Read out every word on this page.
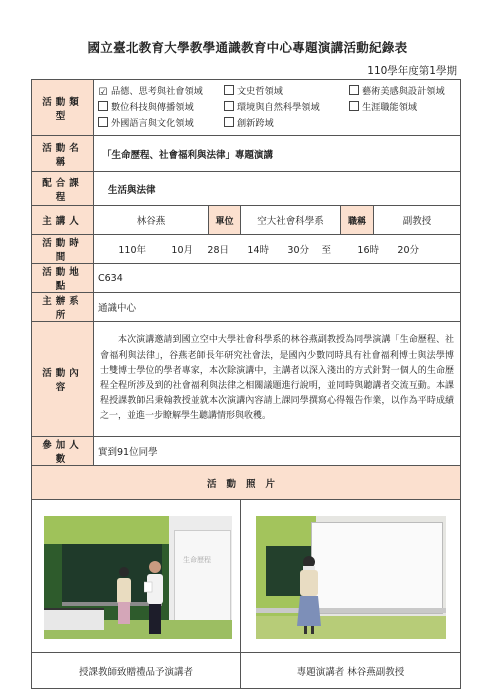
國立臺北教育大學教學通識教育中心專題演講活動紀錄表
110學年度第1學期
活動類型	☑ 品德、思考與社會領域 文史哲領域 藝術美感與設計領域
數位科技與傳播領域 環境與自然科學領域 生涯職能領域
外國語言與文化領域 創新跨域				

活動名稱	「生命歷程、社會福利與法律」專題演講				
配合課程	生活與法律				
主講人	林谷燕	單位	空大社會科學系	職稱	副教授
活動時間	110年 10月 28日 14時 30分 至 16時 20分				
活動地點	C634				
主辦系所	通識中心				
活動內容	本次演講邀請到國立空中大學社會科學系的林谷燕副教授為同學演講「生命歷程、社會福利與法律」，谷燕老師長年研究社會法，是國內少數同時具有社會福利博士與法學博士雙博士學位的學者專家，本次除演講中，主講者以深入淺出的方式針對一個人的生命歷程全程所涉及到的社會福利與法律之相關議題進行說明，並同時與聽講者交流互動。本課程授課教師呂秉翰教授並就本次演講內容請上課同學撰寫心得報告作業，以作為平時成績之一，並進一步瞭解學生聽講情形與收穫。				
參加人數	實到91位同學				
活動照片					

生命歷程

授課教師致贈禮品予演講者			專題演講者 林谷燕副教授		
